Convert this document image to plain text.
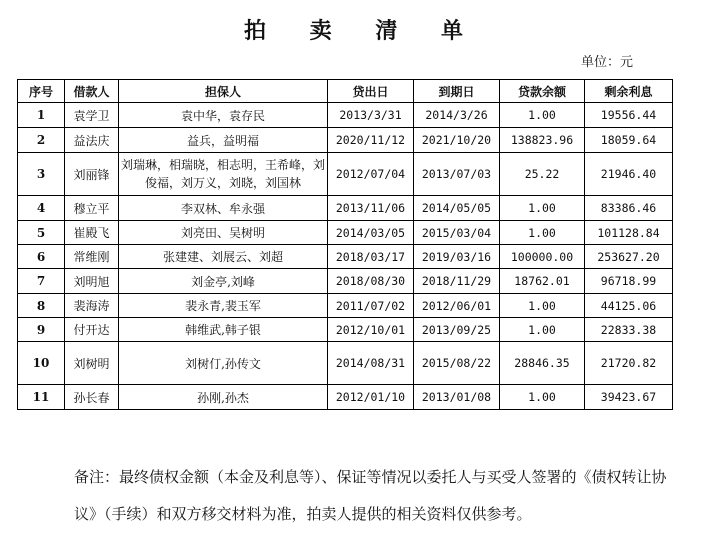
拍 卖 清 单
单位：元
序号	借款人	担保人	贷出日	到期日	贷款余额	剩余利息
1	袁学卫	袁中华，袁存民	2013/3/31	2014/3/26	1.00	19556.44
2	益法庆	益兵，益明福	2020/11/12	2021/10/20	138823.96	18059.64
3	刘丽锋	刘瑞琳，相瑞晓，相志明，王希峰，刘俊福，刘万义，刘晓，刘国林	2012/07/04	2013/07/03	25.22	21946.40
4	穆立平	李双林、牟永强	2013/11/06	2014/05/05	1.00	83386.46
5	崔殿飞	刘亮田、吴树明	2014/03/05	2015/03/04	1.00	101128.84
6	常维刚	张建建、刘展云、刘超	2018/03/17	2019/03/16	100000.00	253627.20
7	刘明旭	刘金亭,刘峰	2018/08/30	2018/11/29	18762.01	96718.99
8	裴海涛	裴永青,裴玉军	2011/07/02	2012/06/01	1.00	44125.06
9	付开达	韩维武,韩子银	2012/10/01	2013/09/25	1.00	22833.38
10	刘树明	刘树仃,孙传文	2014/08/31	2015/08/22	28846.35	21720.82
11	孙长春	孙刚,孙杰	2012/01/10	2013/01/08	1.00	39423.67
备注：最终债权金额（本金及利息等）、保证等情况以委托人与买受人签署的《债权转让协议》（手续）和双方移交材料为准，拍卖人提供的相关资料仅供参考。
